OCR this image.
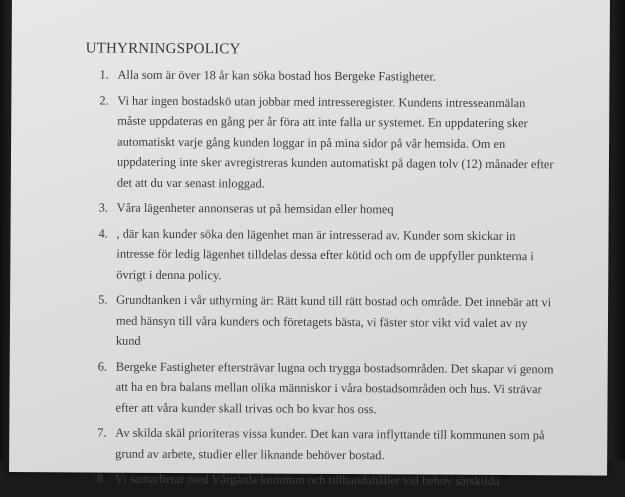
UTHYRNINGSPOLICY
1. Alla som är över 18 år kan söka bostad hos Bergeke Fastigheter.
2. Vi har ingen bostadskö utan jobbar med intresseregister. Kundens intresseanmälan måste uppdateras en gång per år föra att inte falla ur systemet. En uppdatering sker automatiskt varje gång kunden loggar in på mina sidor på vår hemsida. Om en uppdatering inte sker avregistreras kunden automatiskt på dagen tolv (12) månader efter det att du var senast inloggad.
3. Våra lägenheter annonseras ut på hemsidan eller homeq
4. , där kan kunder söka den lägenhet man är intresserad av. Kunder som skickar in intresse för ledig lägenhet tilldelas dessa efter kötid och om de uppfyller punkterna i övrigt i denna policy.
5. Grundtanken i vår uthyrning är: Rätt kund till rätt bostad och område. Det innebär att vi med hänsyn till våra kunders och företagets bästa, vi fäster stor vikt vid valet av ny kund
6. Bergeke Fastigheter eftersträvar lugna och trygga bostadsområden. Det skapar vi genom att ha en bra balans mellan olika människor i våra bostadsområden och hus. Vi strävar efter att våra kunder skall trivas och bo kvar hos oss.
7. Av skilda skäl prioriteras vissa kunder. Det kan vara inflyttande till kommunen som på grund av arbete, studier eller liknande behöver bostad.
8. Vi samarbetar med Vårgårda kommun och tillhandahåller vid behov särskilda
